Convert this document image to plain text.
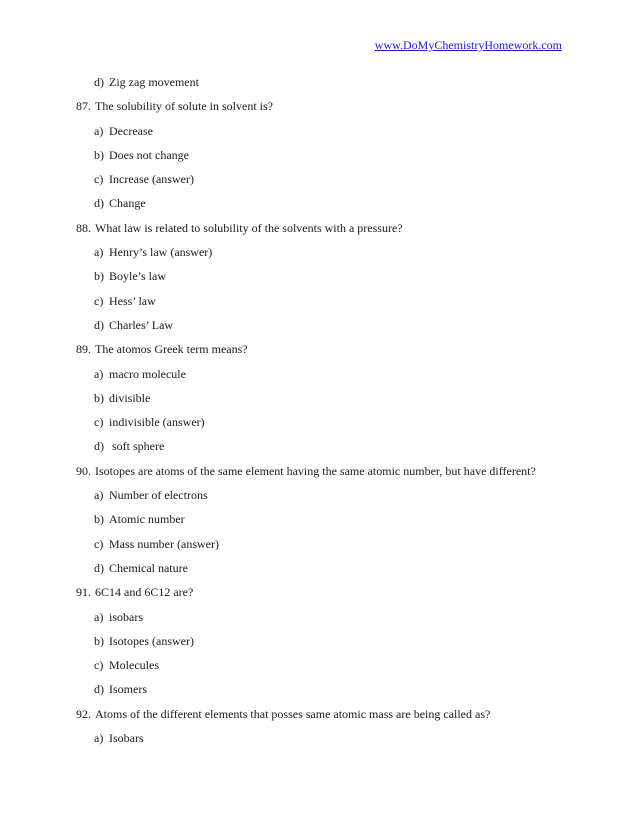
www.DoMyChemistryHomework.com
d) Zig zag movement
87. The solubility of solute in solvent is?
a) Decrease
b) Does not change
c) Increase (answer)
d) Change
88. What law is related to solubility of the solvents with a pressure?
a) Henry’s law (answer)
b) Boyle’s law
c) Hess’ law
d) Charles’ Law
89. The atomos Greek term means?
a) macro molecule
b) divisible
c) indivisible (answer)
d) soft sphere
90. Isotopes are atoms of the same element having the same atomic number, but have different?
a) Number of electrons
b) Atomic number
c) Mass number (answer)
d) Chemical nature
91. 6C14 and 6C12 are?
a) isobars
b) Isotopes (answer)
c) Molecules
d) Isomers
92. Atoms of the different elements that posses same atomic mass are being called as?
a) Isobars
